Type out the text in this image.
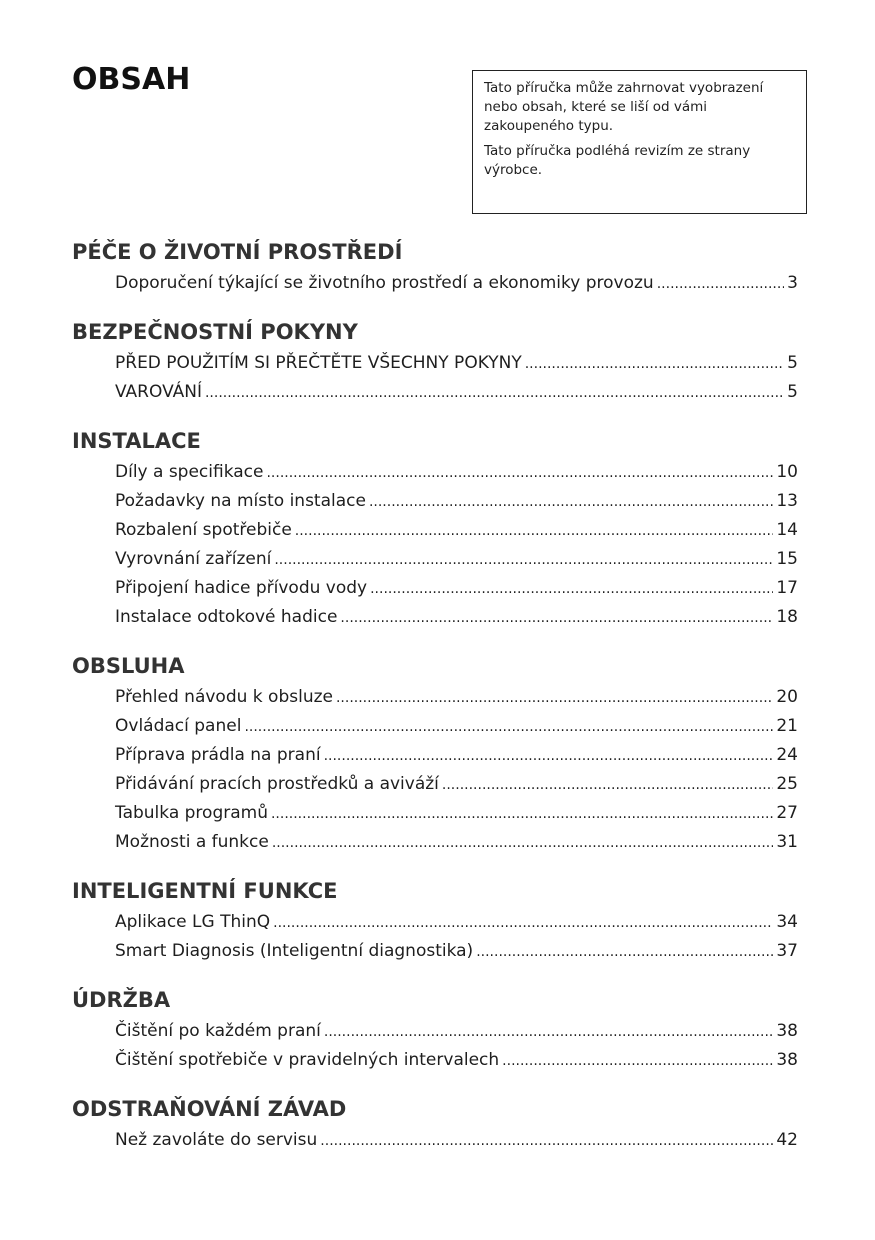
OBSAH	Tato příručka může zahrnovat vyobrazení nebo obsah, které se liší od vámi zakoupeného typu.

Tato příručka podléhá revizím ze strany výrobce.

PÉČE O ŽIVOTNÍ PROSTŘEDÍ
Doporučení týkající se životního prostředí a ekonomiky provozu .....	3
BEZPEČNOSTNÍ POKYNY
PŘED POUŽITÍM SI PŘEČTĚTE VŠECHNY POKYNY .....	5
VAROVÁNÍ .....	5
INSTALACE
Díly a specifikace .....	10
Požadavky na místo instalace .....	13
Rozbalení spotřebiče .....	14
Vyrovnání zařízení .....	15
Připojení hadice přívodu vody .....	17
Instalace odtokové hadice .....	18
OBSLUHA
Přehled návodu k obsluze .....	20
Ovládací panel .....	21
Příprava prádla na praní .....	24
Přidávání pracích prostředků a aviváží .....	25
Tabulka programů .....	27
Možnosti a funkce .....	31
INTELIGENTNÍ FUNKCE
Aplikace LG ThinQ .....	34
Smart Diagnosis (Inteligentní diagnostika) .....	37
ÚDRŽBA
Čištění po každém praní .....	38
Čištění spotřebiče v pravidelných intervalech .....	38
ODSTRAŇOVÁNÍ ZÁVAD
Než zavoláte do servisu .....	42
